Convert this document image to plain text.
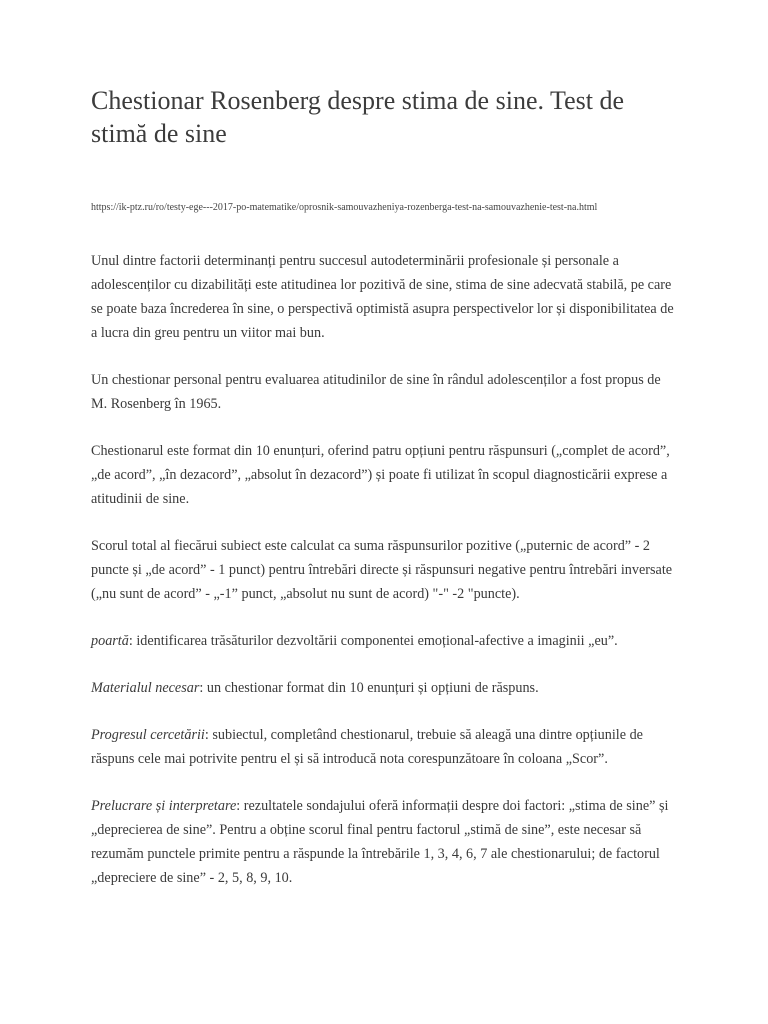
Chestionar Rosenberg despre stima de sine. Test de stimă de sine
https://ik-ptz.ru/ro/testy-ege---2017-po-matematike/oprosnik-samouvazheniya-rozenberga-test-na-samouvazhenie-test-na.html

Unul dintre factorii determinanți pentru succesul autodeterminării profesionale și personale a adolescenților cu dizabilități este atitudinea lor pozitivă de sine, stima de sine adecvată stabilă, pe care se poate baza încrederea în sine, o perspectivă optimistă asupra perspectivelor lor și disponibilitatea de a lucra din greu pentru un viitor mai bun.

Un chestionar personal pentru evaluarea atitudinilor de sine în rândul adolescenților a fost propus de M. Rosenberg în 1965.

Chestionarul este format din 10 enunțuri, oferind patru opțiuni pentru răspunsuri („complet de acord”, „de acord”, „în dezacord”, „absolut în dezacord”) și poate fi utilizat în scopul diagnosticării exprese a atitudinii de sine.

Scorul total al fiecărui subiect este calculat ca suma răspunsurilor pozitive („puternic de acord” - 2 puncte și „de acord” - 1 punct) pentru întrebări directe și răspunsuri negative pentru întrebări inversate („nu sunt de acord” - „-1” punct, „absolut nu sunt de acord) "-" -2 "puncte).

poartă: identificarea trăsăturilor dezvoltării componentei emoțional-afective a imaginii „eu”.

Materialul necesar: un chestionar format din 10 enunțuri și opțiuni de răspuns.

Progresul cercetării: subiectul, completând chestionarul, trebuie să aleagă una dintre opțiunile de răspuns cele mai potrivite pentru el și să introducă nota corespunzătoare în coloana „Scor”.

Prelucrare și interpretare: rezultatele sondajului oferă informații despre doi factori: „stima de sine” și „deprecierea de sine”. Pentru a obține scorul final pentru factorul „stimă de sine”, este necesar să rezumăm punctele primite pentru a răspunde la întrebările 1, 3, 4, 6, 7 ale chestionarului; de factorul „depreciere de sine” - 2, 5, 8, 9, 10.
